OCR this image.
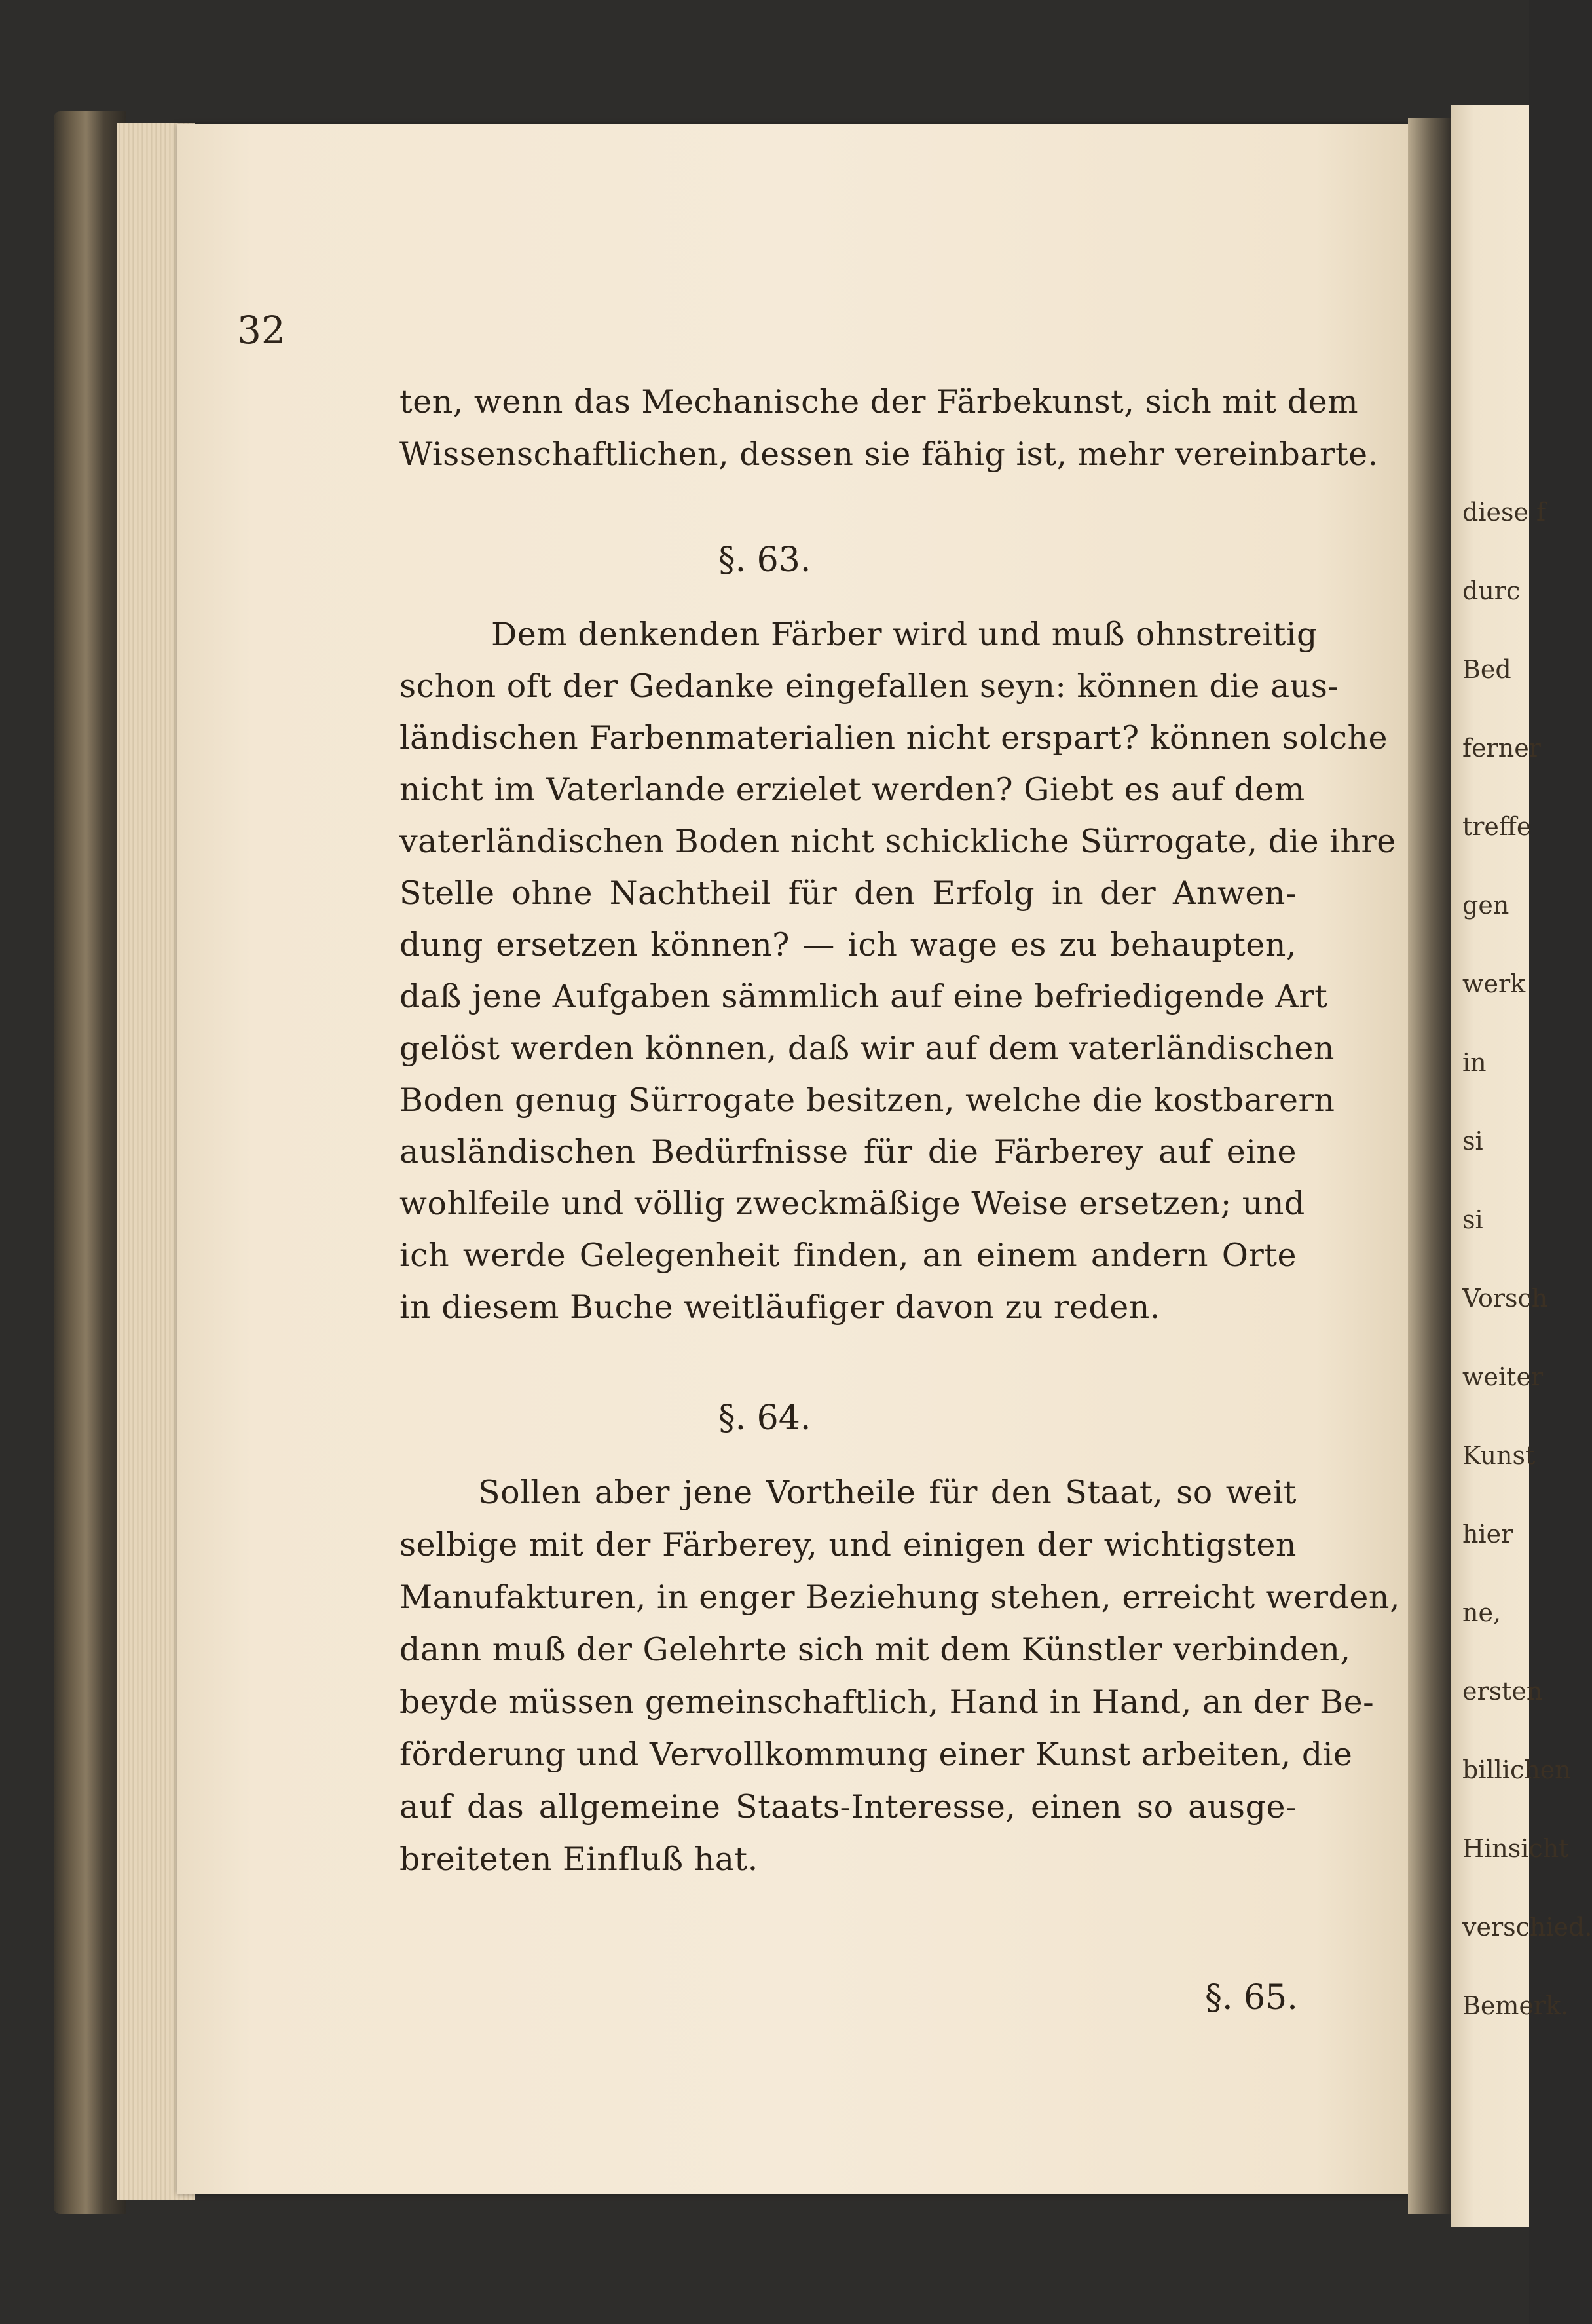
32
ten, wenn das Mechanische der Färbekunst, sich mit dem
Wissenschaftlichen, dessen sie fähig ist, mehr vereinbarte.
§. 63.
Dem denkenden Färber wird und muß ohnstreitig
schon oft der Gedanke eingefallen seyn: können die aus-
ländischen Farbenmaterialien nicht erspart? können solche
nicht im Vaterlande erzielet werden? Giebt es auf dem
vaterländischen Boden nicht schickliche Sürrogate, die ihre
Stelle ohne Nachtheil für den Erfolg in der Anwen-
dung ersetzen können? — ich wage es zu behaupten,
daß jene Aufgaben sämmlich auf eine befriedigende Art
gelöst werden können, daß wir auf dem vaterländischen
Boden genug Sürrogate besitzen, welche die kostbarern
ausländischen Bedürfnisse für die Färberey auf eine
wohlfeile und völlig zweckmäßige Weise ersetzen; und
ich werde Gelegenheit finden, an einem andern Orte
in diesem Buche weitläufiger davon zu reden.
§. 64.
Sollen aber jene Vortheile für den Staat, so weit
selbige mit der Färberey, und einigen der wichtigsten
Manufakturen, in enger Beziehung stehen, erreicht werden,
dann muß der Gelehrte sich mit dem Künstler verbinden,
beyde müssen gemeinschaftlich, Hand in Hand, an der Be-
förderung und Vervollkommung einer Kunst arbeiten, die
auf das allgemeine Staats-Interesse, einen so ausge-
breiteten Einfluß hat.
§. 65.
diese f
durc
Bed
ferner
treffe
gen
werk
in
si
si
Vorsch
weiter
Kunst
hier
ne,
ersten
billichen
Hinsicht
verschied.
Bemerk.
